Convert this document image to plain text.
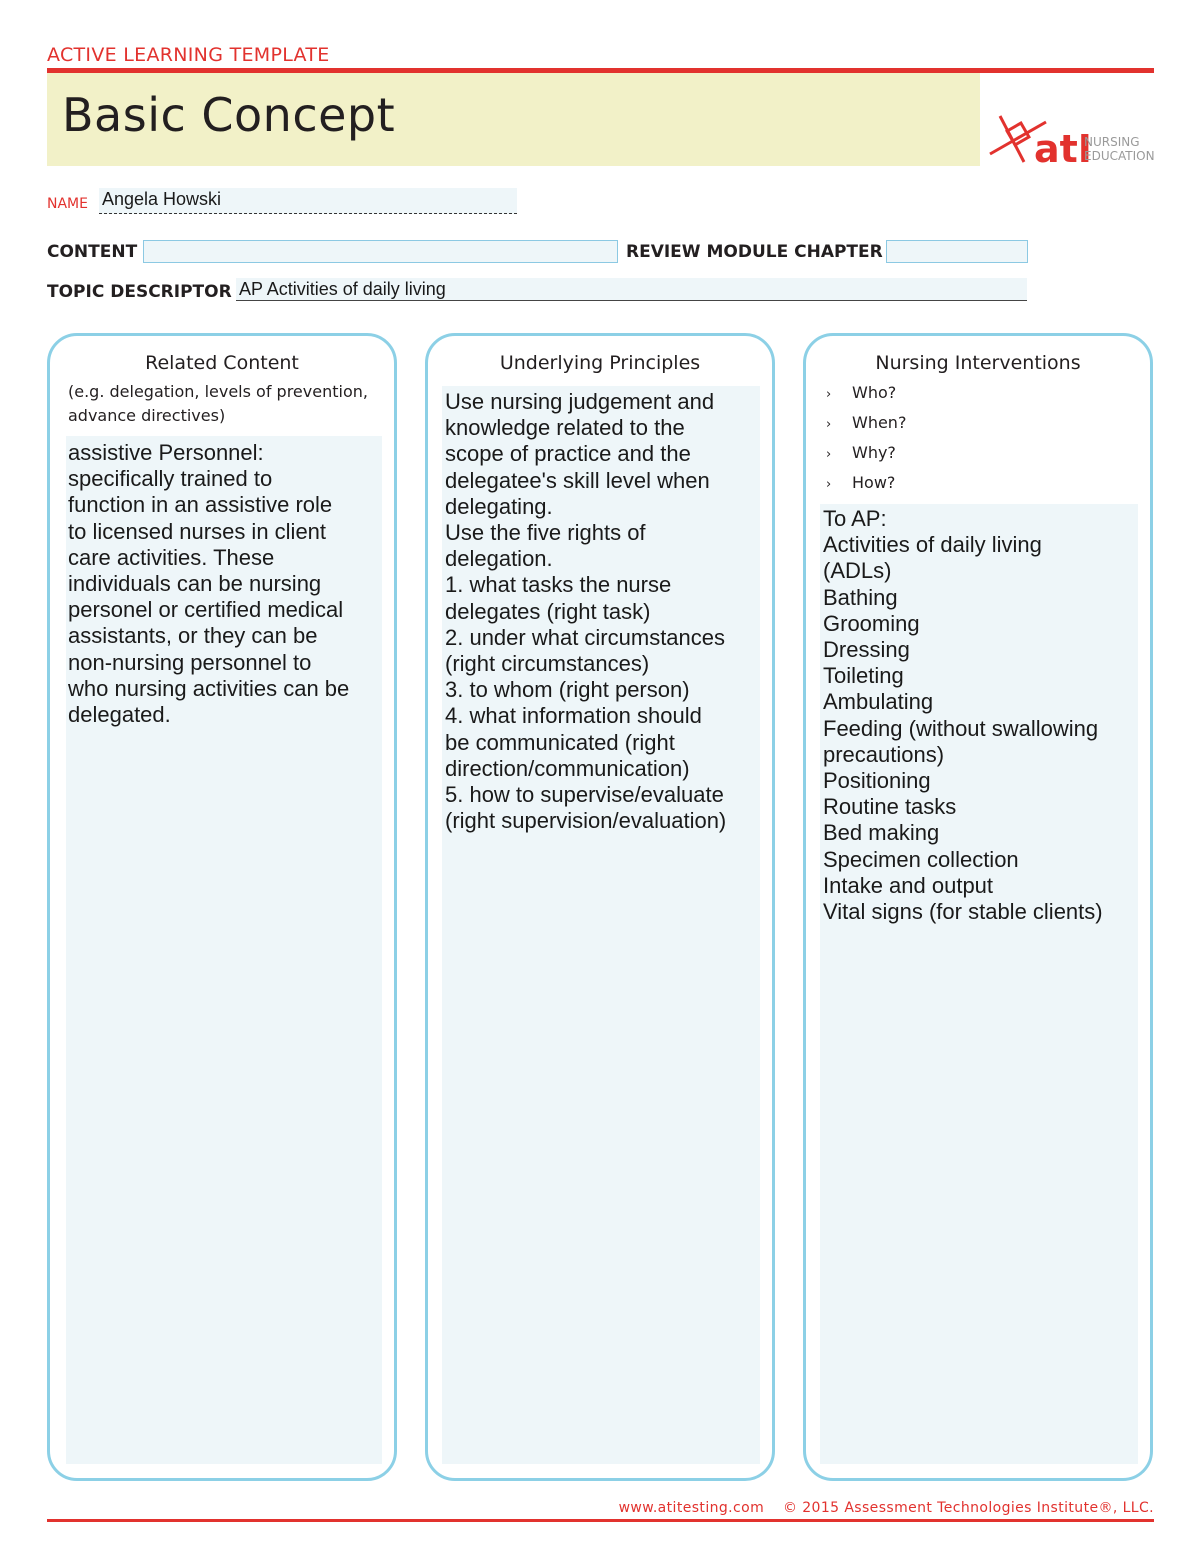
ACTIVE LEARNING TEMPLATE
Basic Concept
atI
NURSING
EDUCATION
NAME Angela Howski
CONTENT	REVIEW MODULE CHAPTER
TOPIC DESCRIPTOR AP Activities of daily living
Related Content
(e.g. delegation, levels of prevention, advance directives)
assistive Personnel:
specifically trained to
function in an assistive role
to licensed nurses in client
care activities. These
individuals can be nursing
personel or certified medical
assistants, or they can be
non-nursing personnel to
who nursing activities can be
delegated.
Underlying Principles
Use nursing judgement and
knowledge related to the
scope of practice and the
delegatee's skill level when
delegating.
Use the five rights of
delegation.
1. what tasks the nurse
delegates (right task)
2. under what circumstances
(right circumstances)
3. to whom (right person)
4. what information should
be communicated (right
direction/communication)
5. how to supervise/evaluate
(right supervision/evaluation)
Nursing Interventions
› Who?
› When?
› Why?
› How?
To AP:
Activities of daily living
(ADLs)
Bathing
Grooming
Dressing
Toileting
Ambulating
Feeding (without swallowing
precautions)
Positioning
Routine tasks
Bed making
Specimen collection
Intake and output
Vital signs (for stable clients)
www.atitesting.com © 2015 Assessment Technologies Institute®, LLC.
